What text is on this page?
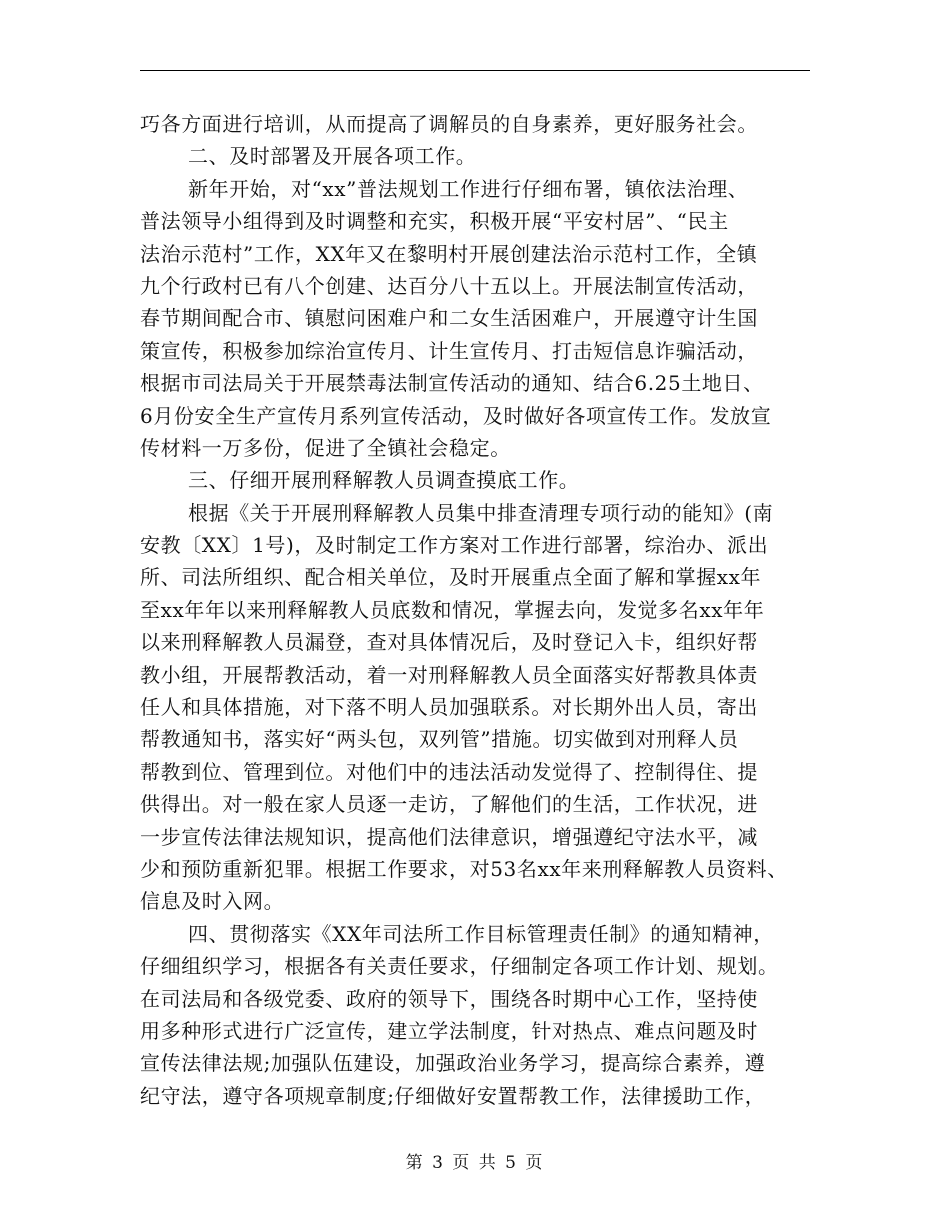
巧各方面进行培训，从而提高了调解员的自身素养，更好服务社会。
二、及时部署及开展各项工作。
新年开始，对“xx”普法规划工作进行仔细布署，镇依法治理、
普法领导小组得到及时调整和充实，积极开展“平安村居”、“民主
法治示范村”工作，XX年又在黎明村开展创建法治示范村工作，全镇
九个行政村已有八个创建、达百分八十五以上。开展法制宣传活动，
春节期间配合市、镇慰问困难户和二女生活困难户，开展遵守计生国
策宣传，积极参加综治宣传月、计生宣传月、打击短信息诈骗活动，
根据市司法局关于开展禁毒法制宣传活动的通知、结合6.25土地日、
6月份安全生产宣传月系列宣传活动，及时做好各项宣传工作。发放宣
传材料一万多份，促进了全镇社会稳定。
三、仔细开展刑释解教人员调查摸底工作。
根据《关于开展刑释解教人员集中排查清理专项行动的能知》(南
安教〔XX〕1号)，及时制定工作方案对工作进行部署，综治办、派出
所、司法所组织、配合相关单位，及时开展重点全面了解和掌握xx年
至xx年年以来刑释解教人员底数和情况，掌握去向，发觉多名xx年年
以来刑释解教人员漏登，查对具体情况后，及时登记入卡，组织好帮
教小组，开展帮教活动，着一对刑释解教人员全面落实好帮教具体责
任人和具体措施，对下落不明人员加强联系。对长期外出人员，寄出
帮教通知书，落实好“两头包，双列管”措施。切实做到对刑释人员
帮教到位、管理到位。对他们中的违法活动发觉得了、控制得住、提
供得出。对一般在家人员逐一走访，了解他们的生活，工作状况，进
一步宣传法律法规知识，提高他们法律意识，增强遵纪守法水平，减
少和预防重新犯罪。根据工作要求，对53名xx年来刑释解教人员资料、
信息及时入网。
四、贯彻落实《XX年司法所工作目标管理责任制》的通知精神，
仔细组织学习，根据各有关责任要求，仔细制定各项工作计划、规划。
在司法局和各级党委、政府的领导下，围绕各时期中心工作，坚持使
用多种形式进行广泛宣传，建立学法制度，针对热点、难点问题及时
宣传法律法规;加强队伍建设，加强政治业务学习，提高综合素养，遵
纪守法，遵守各项规章制度;仔细做好安置帮教工作，法律援助工作，
第 3 页 共 5 页
